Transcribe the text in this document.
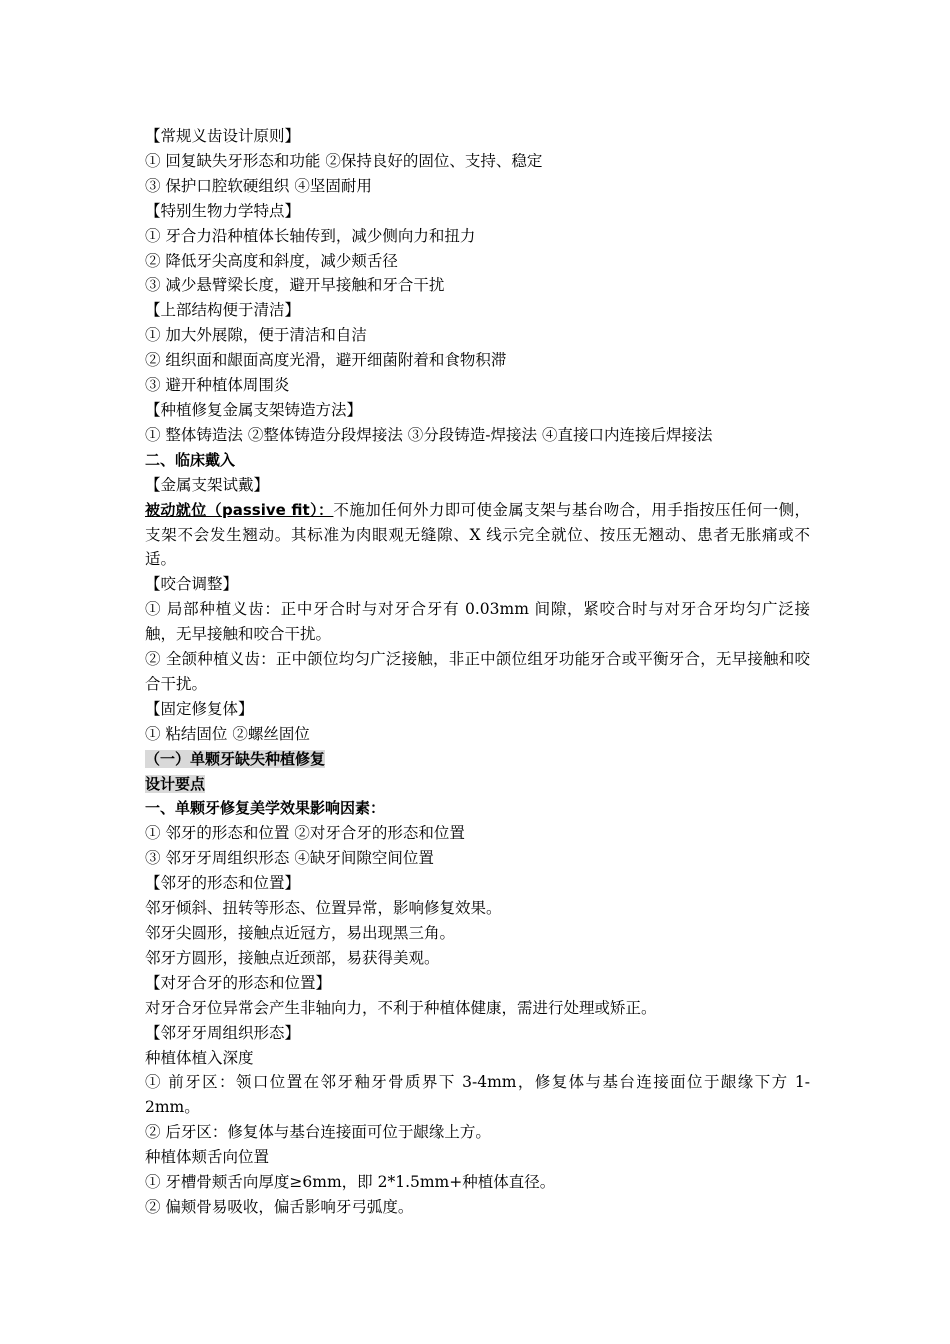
【常规义齿设计原则】

① 回复缺失牙形态和功能 ②保持良好的固位、支持、稳定

③ 保护口腔软硬组织 ④坚固耐用

【特别生物力学特点】

① 牙合力沿种植体长轴传到，减少侧向力和扭力

② 降低牙尖高度和斜度，减少颊舌径

③ 减少悬臂梁长度，避开早接触和牙合干扰

【上部结构便于清洁】

① 加大外展隙，便于清洁和自洁

② 组织面和龈面高度光滑，避开细菌附着和食物积滞

③ 避开种植体周围炎

【种植修复金属支架铸造方法】

① 整体铸造法 ②整体铸造分段焊接法 ③分段铸造-焊接法 ④直接口内连接后焊接法

二、临床戴入

【金属支架试戴】

被动就位（passive fit）：不施加任何外力即可使金属支架与基台吻合，用手指按压任何一侧，支架不会发生翘动。其标准为肉眼观无缝隙、X 线示完全就位、按压无翘动、患者无胀痛或不适。

【咬合调整】

① 局部种植义齿：正中牙合时与对牙合牙有 0.03mm 间隙，紧咬合时与对牙合牙均匀广泛接触，无早接触和咬合干扰。

② 全颌种植义齿：正中颌位均匀广泛接触，非正中颌位组牙功能牙合或平衡牙合，无早接触和咬合干扰。

【固定修复体】

① 粘结固位 ②螺丝固位

（一）单颗牙缺失种植修复

设计要点

一、单颗牙修复美学效果影响因素：

① 邻牙的形态和位置 ②对牙合牙的形态和位置

③ 邻牙牙周组织形态 ④缺牙间隙空间位置

【邻牙的形态和位置】

邻牙倾斜、扭转等形态、位置异常，影响修复效果。

邻牙尖圆形，接触点近冠方，易出现黑三角。

邻牙方圆形，接触点近颈部，易获得美观。

【对牙合牙的形态和位置】

对牙合牙位异常会产生非轴向力，不利于种植体健康，需进行处理或矫正。

【邻牙牙周组织形态】

种植体植入深度

① 前牙区：领口位置在邻牙釉牙骨质界下 3-4mm，修复体与基台连接面位于龈缘下方 1-2mm。

② 后牙区：修复体与基台连接面可位于龈缘上方。

种植体颊舌向位置

① 牙槽骨颊舌向厚度≥6mm，即 2*1.5mm+种植体直径。

② 偏颊骨易吸收，偏舌影响牙弓弧度。
